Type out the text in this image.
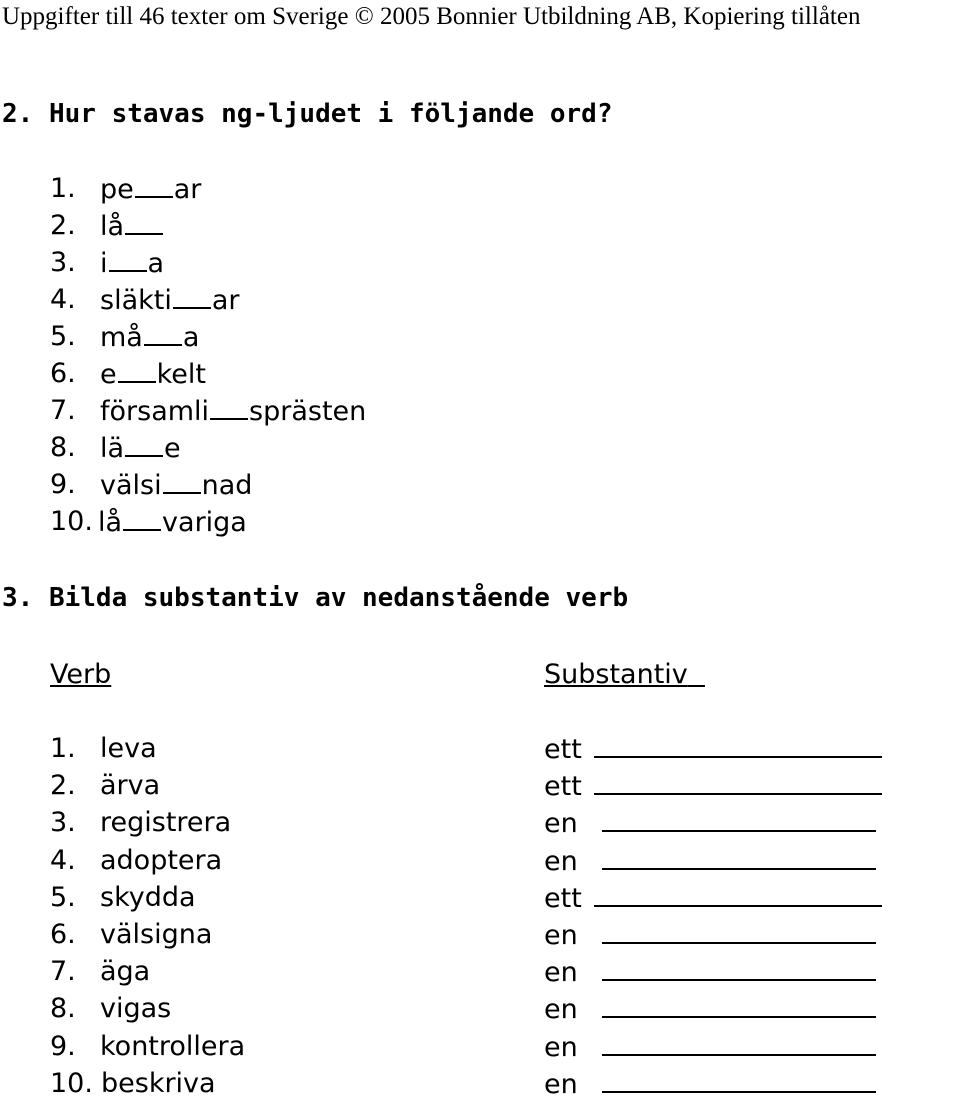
Uppgifter till 46 texter om Sverige © 2005 Bonnier Utbildning AB, Kopiering tillåten
2. Hur stavas ng-ljudet i följande ord?
1. pe ar
2. lå
3. i a
4. släkti ar
5. må a
6. e kelt
7. församli sprästen
8. lä e
9. välsi nad
10. lå variga
3. Bilda substantiv av nedanstående verb
Verb	Substantiv
1. leva	ett
2. ärva	ett
3. registrera	en
4. adoptera	en
5. skydda	ett
6. välsigna	en
7. äga	en
8. vigas	en
9. kontrollera	en
10. beskriva	en
